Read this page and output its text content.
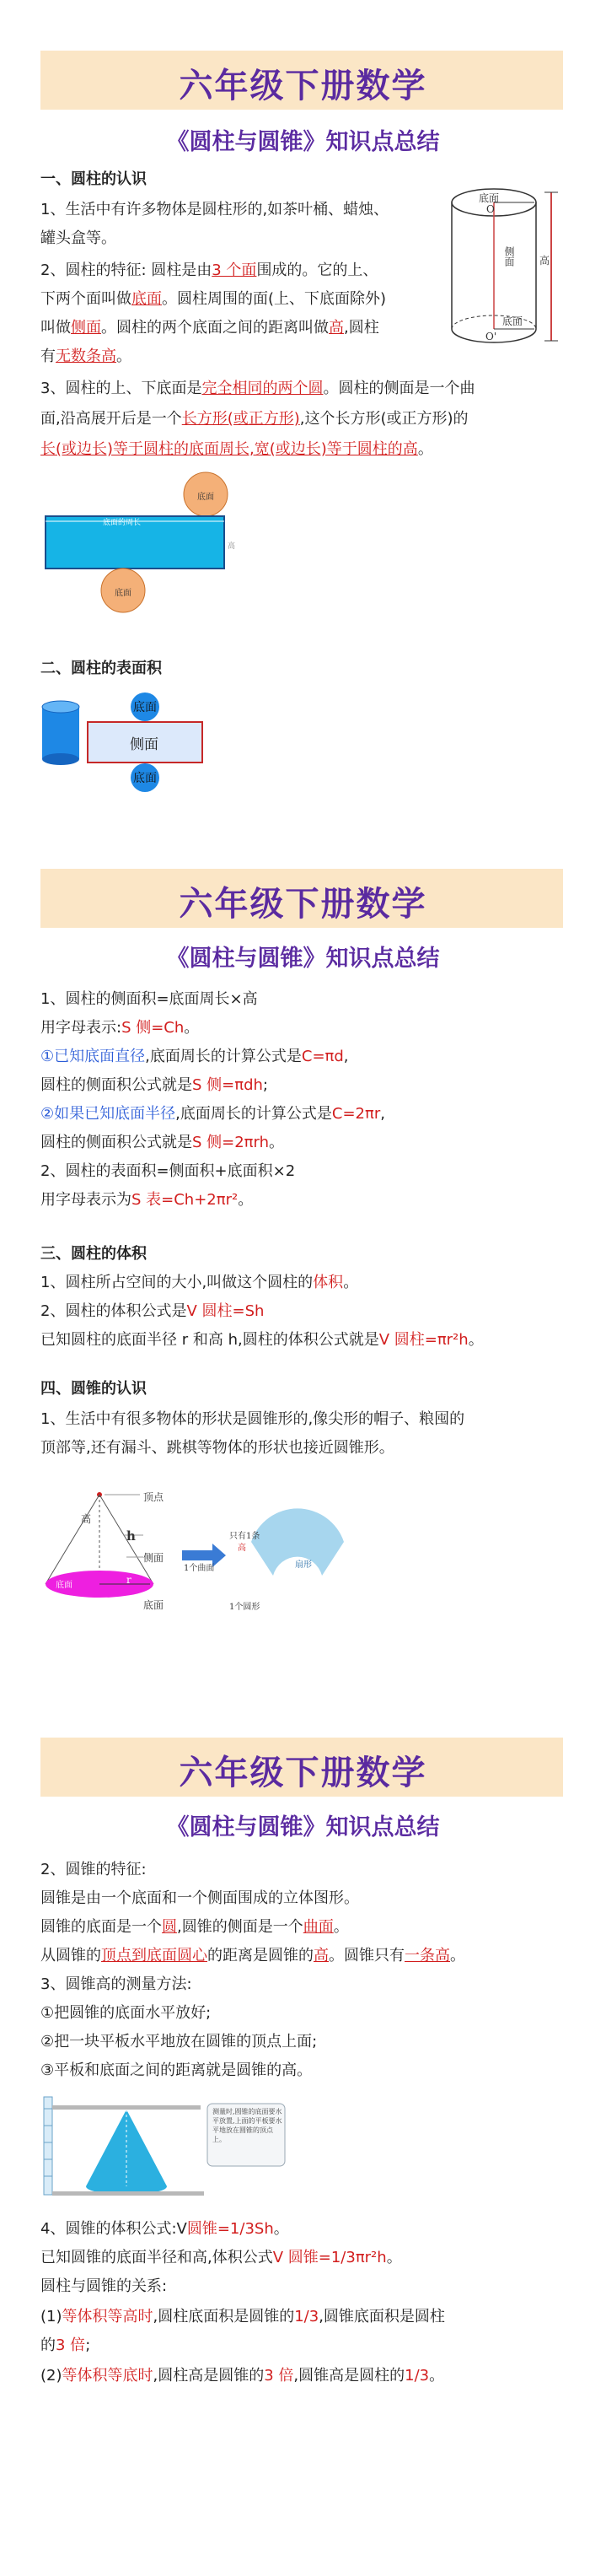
六年级下册数学
《圆柱与圆锥》知识点总结
一、圆柱的认识
1、生活中有许多物体是圆柱形的,如茶叶桶、蜡烛、
罐头盒等。
2、圆柱的特征: 圆柱是由3 个面围成的。它的上、
下两个面叫做底面。圆柱周围的面(上、下底面除外)
叫做侧面。圆柱的两个底面之间的距离叫做高,圆柱
有无数条高。
3、圆柱的上、下底面是完全相同的两个圆。圆柱的侧面是一个曲
面,沿高展开后是一个长方形(或正方形),这个长方形(或正方形)的
长(或边长)等于圆柱的底面周长,宽(或边长)等于圆柱的高。
底面
O
侧面 高
底面
O'
底面
底面的周长
高
底面
二、圆柱的表面积
底面
侧面
底面
六年级下册数学
《圆柱与圆锥》知识点总结
1、圆柱的侧面积=底面周长×高
用字母表示:S 侧=Ch。
①已知底面直径,底面周长的计算公式是C=πd,
圆柱的侧面积公式就是S 侧=πdh;
②如果已知底面半径,底面周长的计算公式是C=2πr,
圆柱的侧面积公式就是S 侧=2πrh。
2、圆柱的表面积=侧面积+底面积×2
用字母表示为S 表=Ch+2πr²。
三、圆柱的体积
1、圆柱所占空间的大小,叫做这个圆柱的体积。
2、圆柱的体积公式是V 圆柱=Sh
已知圆柱的底面半径 r 和高 h,圆柱的体积公式就是V 圆柱=πr²h。
四、圆锥的认识
1、生活中有很多物体的形状是圆锥形的,像尖形的帽子、粮囤的
顶部等,还有漏斗、跳棋等物体的形状也接近圆锥形。
顶点
高
h
侧面
底面	r
底面
只有1条
高
1个曲面	扇形
1个圆形
六年级下册数学
《圆柱与圆锥》知识点总结
2、圆锥的特征:
圆锥是由一个底面和一个侧面围成的立体图形。
圆锥的底面是一个圆,圆锥的侧面是一个曲面。
从圆锥的顶点到底面圆心的距离是圆锥的高。圆锥只有一条高。
3、圆锥高的测量方法:
①把圆锥的底面水平放好;
②把一块平板水平地放在圆锥的顶点上面;
③平板和底面之间的距离就是圆锥的高。
测量时,圆锥的底面要水平放置,上面的平板要水平地放在圆锥的顶点上。
4、圆锥的体积公式:V圆锥=1/3Sh。
已知圆锥的底面半径和高,体积公式V 圆锥=1/3πr²h。
圆柱与圆锥的关系:
(1)等体积等高时,圆柱底面积是圆锥的1/3,圆锥底面积是圆柱
的3 倍;
(2)等体积等底时,圆柱高是圆锥的3 倍,圆锥高是圆柱的1/3。
